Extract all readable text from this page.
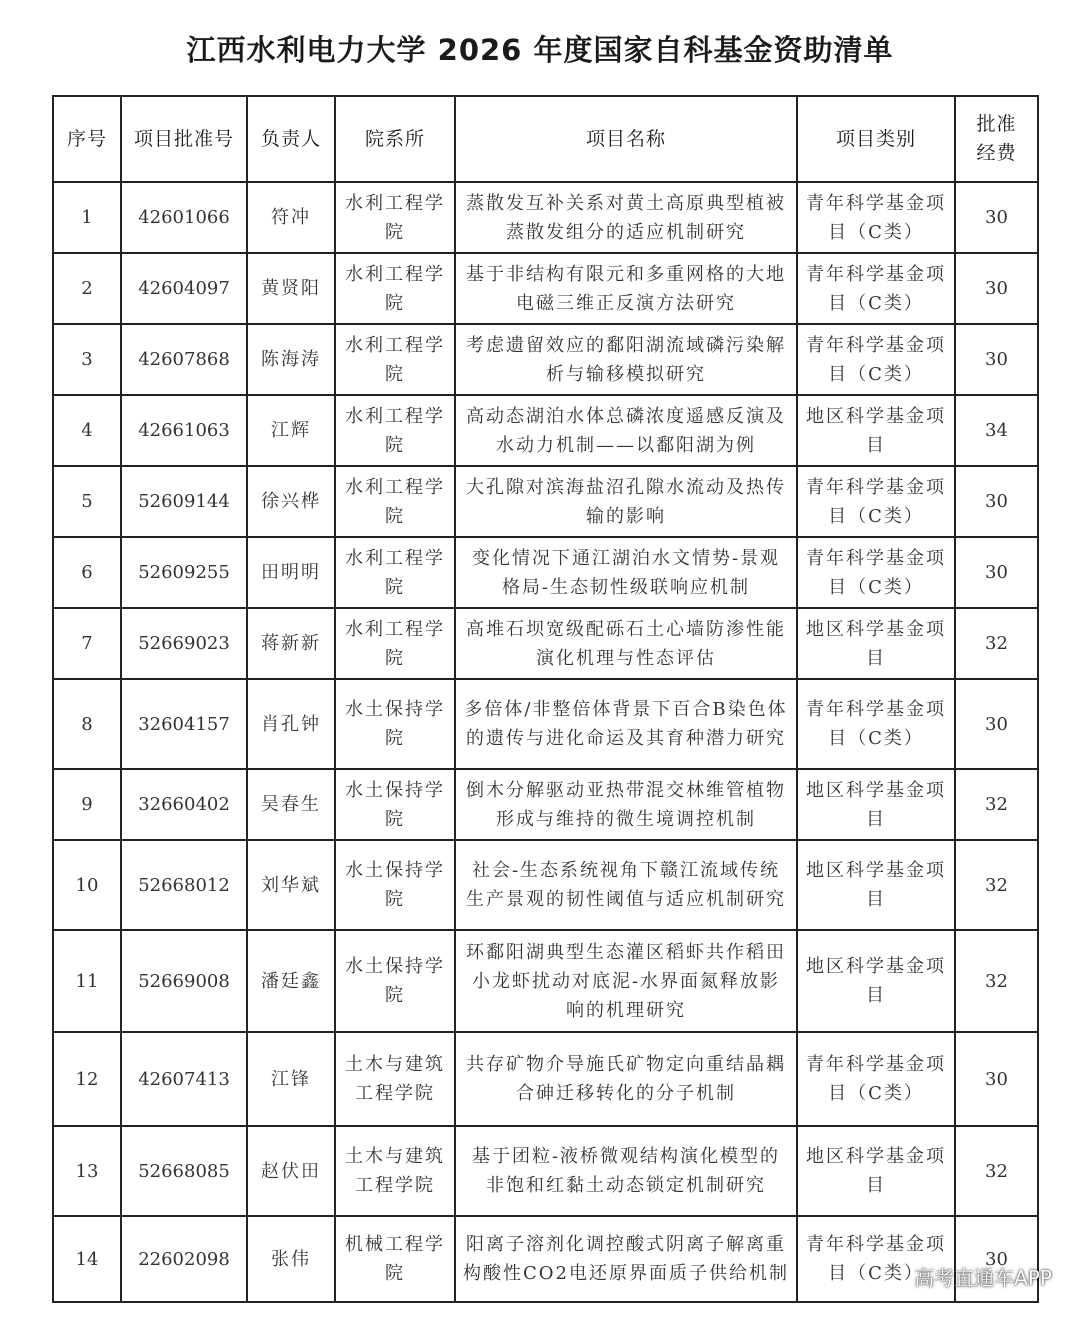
江西水利电力大学 2026 年度国家自科基金资助清单
序号	项目批准号	负责人	院系所	项目名称	项目类别	批准经费
1	42601066	符冲	水利工程学院	蒸散发互补关系对黄土高原典型植被蒸散发组分的适应机制研究	青年科学基金项目（C类）	30
2	42604097	黄贤阳	水利工程学院	基于非结构有限元和多重网格的大地电磁三维正反演方法研究	青年科学基金项目（C类）	30
3	42607868	陈海涛	水利工程学院	考虑遗留效应的鄱阳湖流域磷污染解析与输移模拟研究	青年科学基金项目（C类）	30
4	42661063	江辉	水利工程学院	高动态湖泊水体总磷浓度遥感反演及水动力机制——以鄱阳湖为例	地区科学基金项目	34
5	52609144	徐兴桦	水利工程学院	大孔隙对滨海盐沼孔隙水流动及热传输的影响	青年科学基金项目（C类）	30
6	52609255	田明明	水利工程学院	变化情况下通江湖泊水文情势-景观格局-生态韧性级联响应机制	青年科学基金项目（C类）	30
7	52669023	蒋新新	水利工程学院	高堆石坝宽级配砾石土心墙防渗性能演化机理与性态评估	地区科学基金项目	32
8	32604157	肖孔钟	水土保持学院	多倍体/非整倍体背景下百合B染色体的遗传与进化命运及其育种潜力研究	青年科学基金项目（C类）	30
9	32660402	吴春生	水土保持学院	倒木分解驱动亚热带混交林维管植物形成与维持的微生境调控机制	地区科学基金项目	32
10	52668012	刘华斌	水土保持学院	社会-生态系统视角下赣江流域传统生产景观的韧性阈值与适应机制研究	地区科学基金项目	32
11	52669008	潘廷鑫	水土保持学院	环鄱阳湖典型生态灌区稻虾共作稻田小龙虾扰动对底泥-水界面氮释放影响的机理研究	地区科学基金项目	32
12	42607413	江锋	土木与建筑工程学院	共存矿物介导施氏矿物定向重结晶耦合砷迁移转化的分子机制	青年科学基金项目（C类）	30
13	52668085	赵伏田	土木与建筑工程学院	基于团粒-液桥微观结构演化模型的非饱和红黏土动态锁定机制研究	地区科学基金项目	32
14	22602098	张伟	机械工程学院	阳离子溶剂化调控酸式阴离子解离重构酸性CO2电还原界面质子供给机制	青年科学基金项目（C类）	30
高考直通车APP
